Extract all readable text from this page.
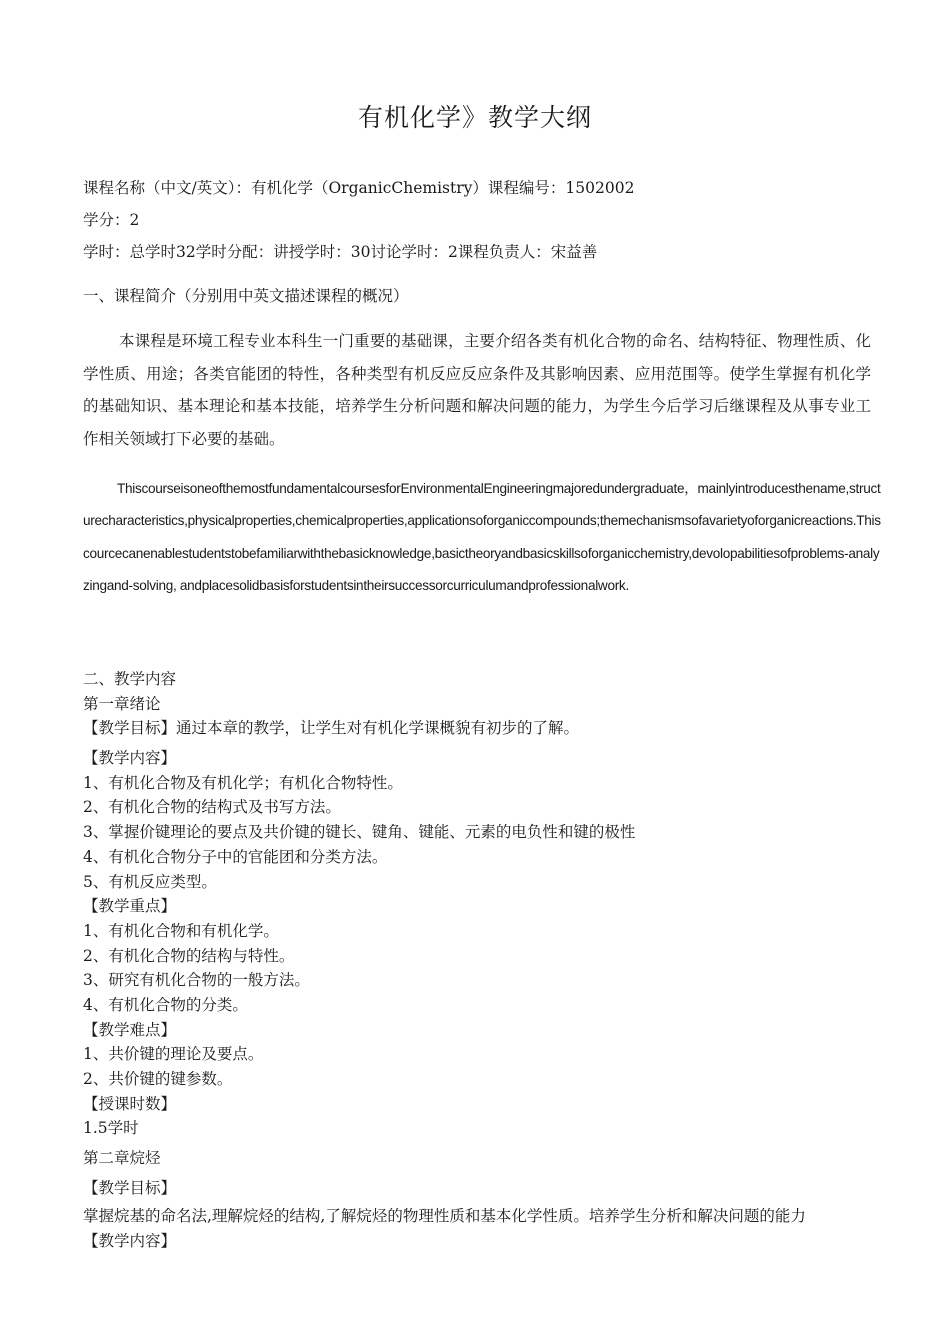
有机化学》教学大纲
课程名称（中文/英文）：有机化学（OrganicChemistry）课程编号：1502002
学分：2
学时：总学时32学时分配：讲授学时：30讨论学时：2课程负责人：宋益善
一、课程简介（分别用中英文描述课程的概况）
本课程是环境工程专业本科生一门重要的基础课，主要介绍各类有机化合物的命名、结构特征、物理性质、化学性质、用途；各类官能团的特性，各种类型有机反应反应条件及其影响因素、应用范围等。使学生掌握有机化学的基础知识、基本理论和基本技能，培养学生分析问题和解决问题的能力，为学生今后学习后继课程及从事专业工作相关领域打下必要的基础。
ThiscourseisoneofthemostfundamentalcoursesforEnvironmentalEngineeringmajoredundergraduate，mainlyintroducesthename,structurecharacteristics,physicalproperties,chemicalproperties,applicationsoforganiccompounds;themechanismsofavarietyoforganicreactions.Thiscourcecanenablestudentstobefamiliarwiththebasicknowledge,basictheoryandbasicskillsoforganicchemistry,devolopabilitiesofproblems-analyzingand-solving, andplacesolidbasisforstudentsintheirsuccessorcurriculumandprofessionalwork.
二、教学内容
第一章绪论
【教学目标】通过本章的教学，让学生对有机化学课概貌有初步的了解。
【教学内容】
1、有机化合物及有机化学；有机化合物特性。
2、有机化合物的结构式及书写方法。
3、掌握价键理论的要点及共价键的键长、键角、键能、元素的电负性和键的极性
4、有机化合物分子中的官能团和分类方法。
5、有机反应类型。
【教学重点】
1、有机化合物和有机化学。
2、有机化合物的结构与特性。
3、研究有机化合物的一般方法。
4、有机化合物的分类。
【教学难点】
1、共价键的理论及要点。
2、共价键的键参数。
【授课时数】
1.5学时
第二章烷烃
【教学目标】
掌握烷基的命名法,理解烷烃的结构,了解烷烃的物理性质和基本化学性质。培养学生分析和解决问题的能力
【教学内容】
